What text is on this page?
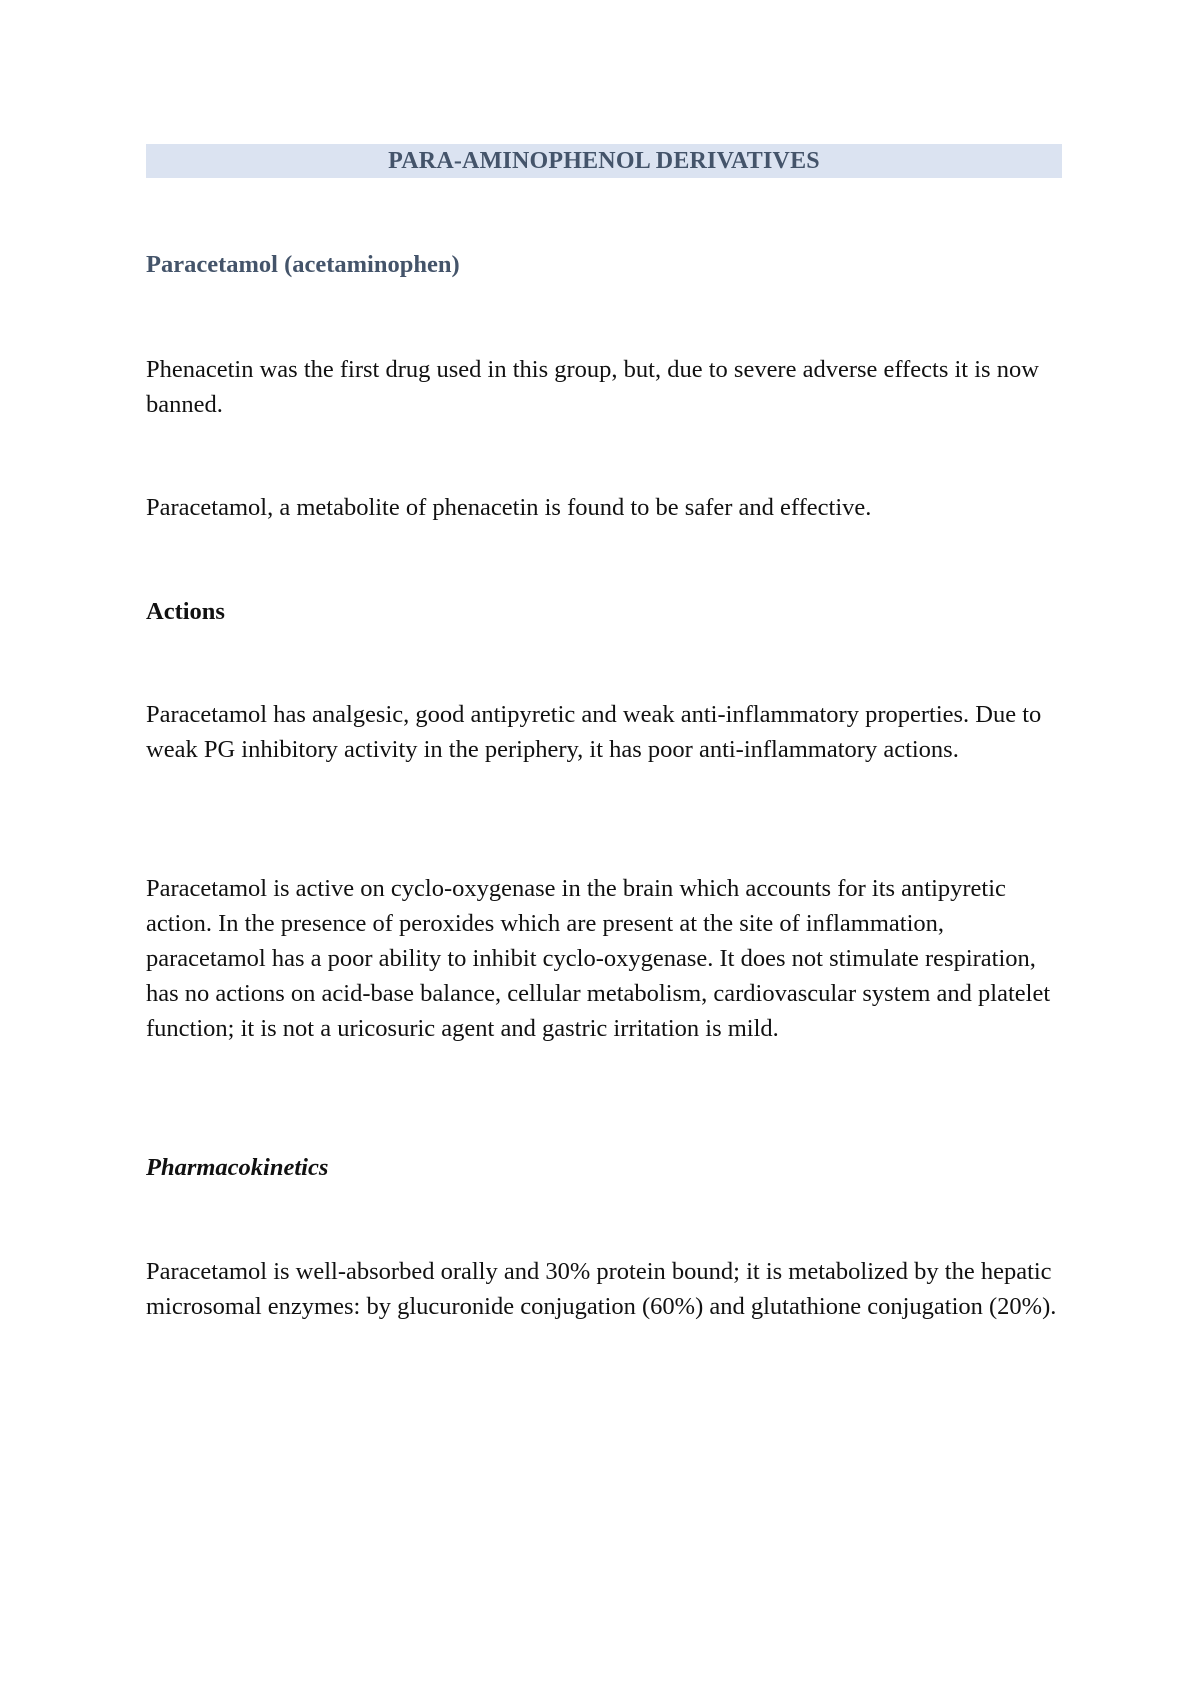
PARA-AMINOPHENOL DERIVATIVES

Paracetamol (acetaminophen)

Phenacetin was the first drug used in this group, but, due to severe adverse effects it is now banned.

Paracetamol, a metabolite of phenacetin is found to be safer and effective.

Actions

Paracetamol has analgesic, good antipyretic and weak anti-inflammatory properties. Due to weak PG inhibitory activity in the periphery, it has poor anti-inflammatory actions.

Paracetamol is active on cyclo-oxygenase in the brain which accounts for its antipyretic action. In the presence of peroxides which are present at the site of inflammation, paracetamol has a poor ability to inhibit cyclo-oxygenase. It does not stimulate respiration, has no actions on acid-base balance, cellular metabolism, cardiovascular system and platelet function; it is not a uricosuric agent and gastric irritation is mild.

Pharmacokinetics

Paracetamol is well-absorbed orally and 30% protein bound; it is metabolized by the hepatic microsomal enzymes: by glucuronide conjugation (60%) and glutathione conjugation (20%).
